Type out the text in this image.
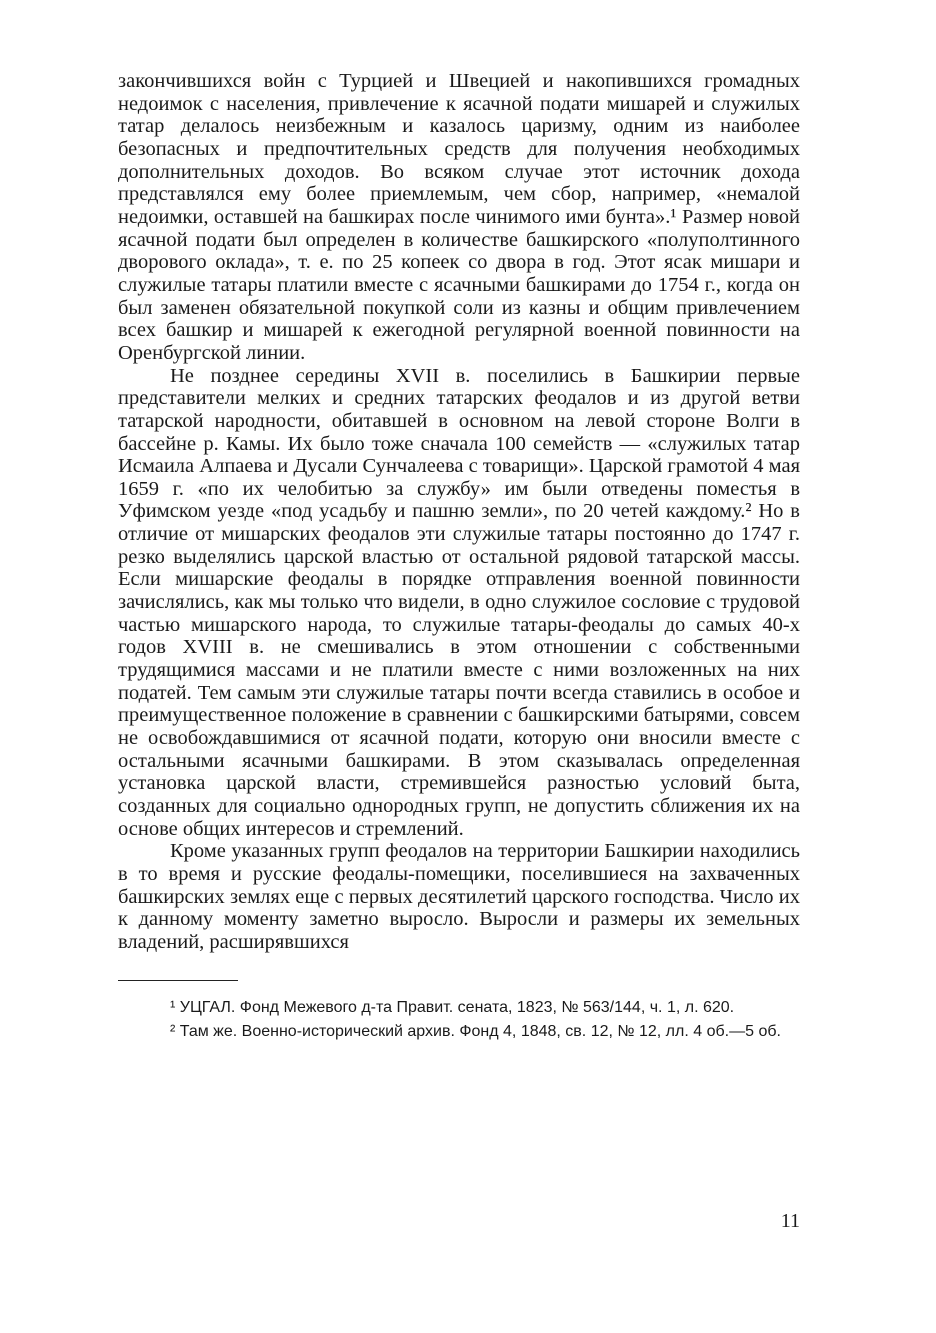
закончившихся войн с Турцией и Швецией и накопившихся громадных недоимок с населения, привлечение к ясачной подати мишарей и служилых татар делалось неизбежным и казалось царизму, одним из наиболее безопасных и предпочтительных средств для получения необходимых дополнительных доходов. Во всяком случае этот источник дохода представлялся ему более приемлемым, чем сбор, например, «немалой недоимки, оставшей на башкирах после чинимого ими бунта».¹ Размер новой ясачной подати был определен в количестве башкирского «полуполтинного дворового оклада», т. е. по 25 копеек со двора в год. Этот ясак мишари и служилые татары платили вместе с ясачными башкирами до 1754 г., когда он был заменен обязательной покупкой соли из казны и общим привлечением всех башкир и мишарей к ежегодной регулярной военной повинности на Оренбургской линии.

Не позднее середины XVII в. поселились в Башкирии первые представители мелких и средних татарских феодалов и из другой ветви татарской народности, обитавшей в основном на левой стороне Волги в бассейне р. Камы. Их было тоже сначала 100 семейств — «служилых татар Исмаила Алпаева и Дусали Сунчалеева с товарищи». Царской грамотой 4 мая 1659 г. «по их челобитью за службу» им были отведены поместья в Уфимском уезде «под усадьбу и пашню земли», по 20 четей каждому.² Но в отличие от мишарских феодалов эти служилые татары постоянно до 1747 г. резко выделялись царской властью от остальной рядовой татарской массы. Если мишарские феодалы в порядке отправления военной повинности зачислялись, как мы только что видели, в одно служилое сословие с трудовой частью мишарского народа, то служилые татары-феодалы до самых 40-х годов XVIII в. не смешивались в этом отношении с собственными трудящимися массами и не платили вместе с ними возложенных на них податей. Тем самым эти служилые татары почти всегда ставились в особое и преимущественное положение в сравнении с башкирскими батырями, совсем не освобождавшимися от ясачной подати, которую они вносили вместе с остальными ясачными башкирами. В этом сказывалась определенная установка царской власти, стремившейся разностью условий быта, созданных для социально однородных групп, не допустить сближения их на основе общих интересов и стремлений.

Кроме указанных групп феодалов на территории Башкирии находились в то время и русские феодалы-помещики, поселившиеся на захваченных башкирских землях еще с первых десятилетий царского господства. Число их к данному моменту заметно выросло. Выросли и размеры их земельных владений, расширявшихся

¹ УЦГАЛ. Фонд Межевого д-та Правит. сената, 1823, № 563/144, ч. 1, л. 620.

² Там же. Военно-исторический архив. Фонд 4, 1848, св. 12, № 12, лл. 4 об.—5 об.

11
